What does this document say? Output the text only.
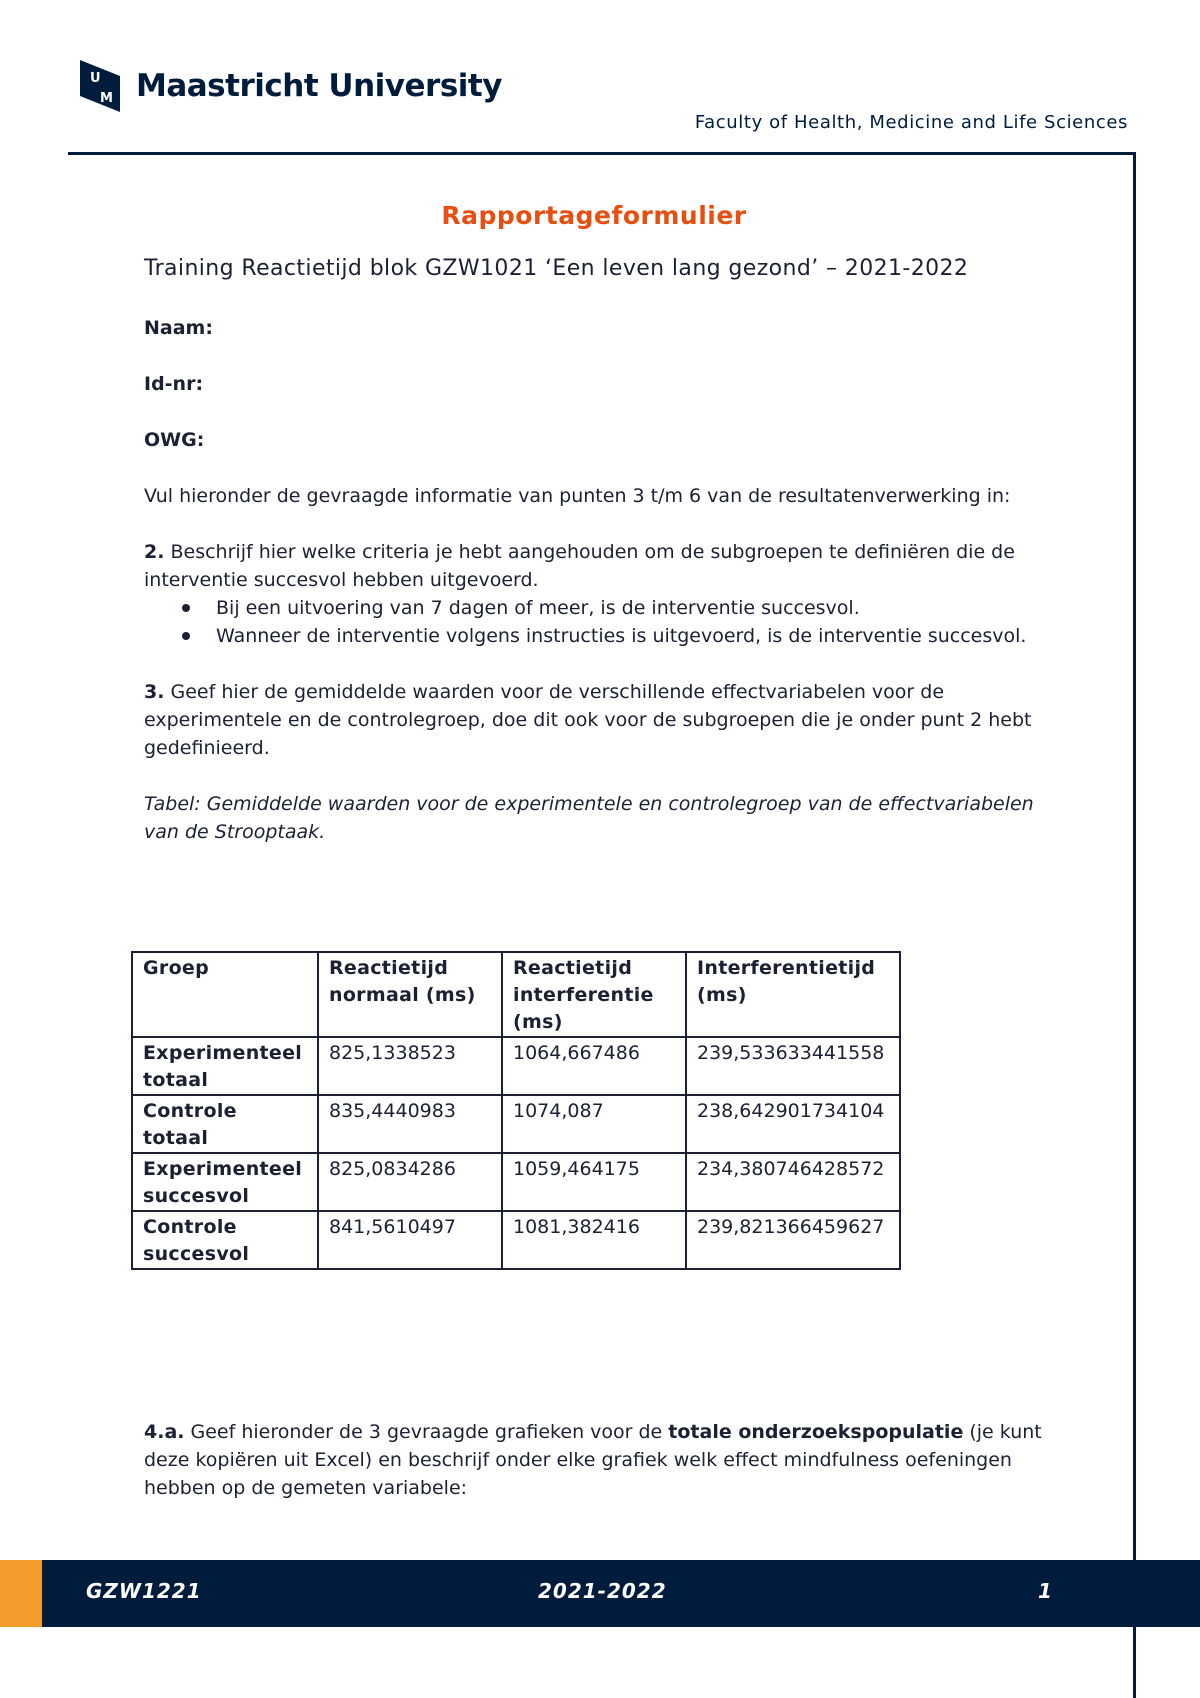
U
M Maastricht University
Faculty of Health, Medicine and Life Sciences
Rapportageformulier
Training Reactietijd blok GZW1021 ‘Een leven lang gezond’ – 2021-2022
Naam:
Id-nr:
OWG:
Vul hieronder de gevraagde informatie van punten 3 t/m 6 van de resultatenverwerking in:
2. Beschrijf hier welke criteria je hebt aangehouden om de subgroepen te definiëren die de interventie succesvol hebben uitgevoerd.
Bij een uitvoering van 7 dagen of meer, is de interventie succesvol.
Wanneer de interventie volgens instructies is uitgevoerd, is de interventie succesvol.
3. Geef hier de gemiddelde waarden voor de verschillende effectvariabelen voor de experimentele en de controlegroep, doe dit ook voor de subgroepen die je onder punt 2 hebt gedefinieerd.
Tabel: Gemiddelde waarden voor de experimentele en controlegroep van de effectvariabelen van de Strooptaak.
Groep	Reactietijd normaal (ms)	Reactietijd interferentie (ms)	Interferentietijd (ms)
Experimenteel totaal	825,1338523	1064,667486	239,533633441558
Controle totaal	835,4440983	1074,087	238,642901734104
Experimenteel succesvol	825,0834286	1059,464175	234,380746428572
Controle succesvol	841,5610497	1081,382416	239,821366459627
4.a. Geef hieronder de 3 gevraagde grafieken voor de totale onderzoekspopulatie (je kunt deze kopiëren uit Excel) en beschrijf onder elke grafiek welk effect mindfulness oefeningen hebben op de gemeten variabele:
GZW1221	2021-2022	1
